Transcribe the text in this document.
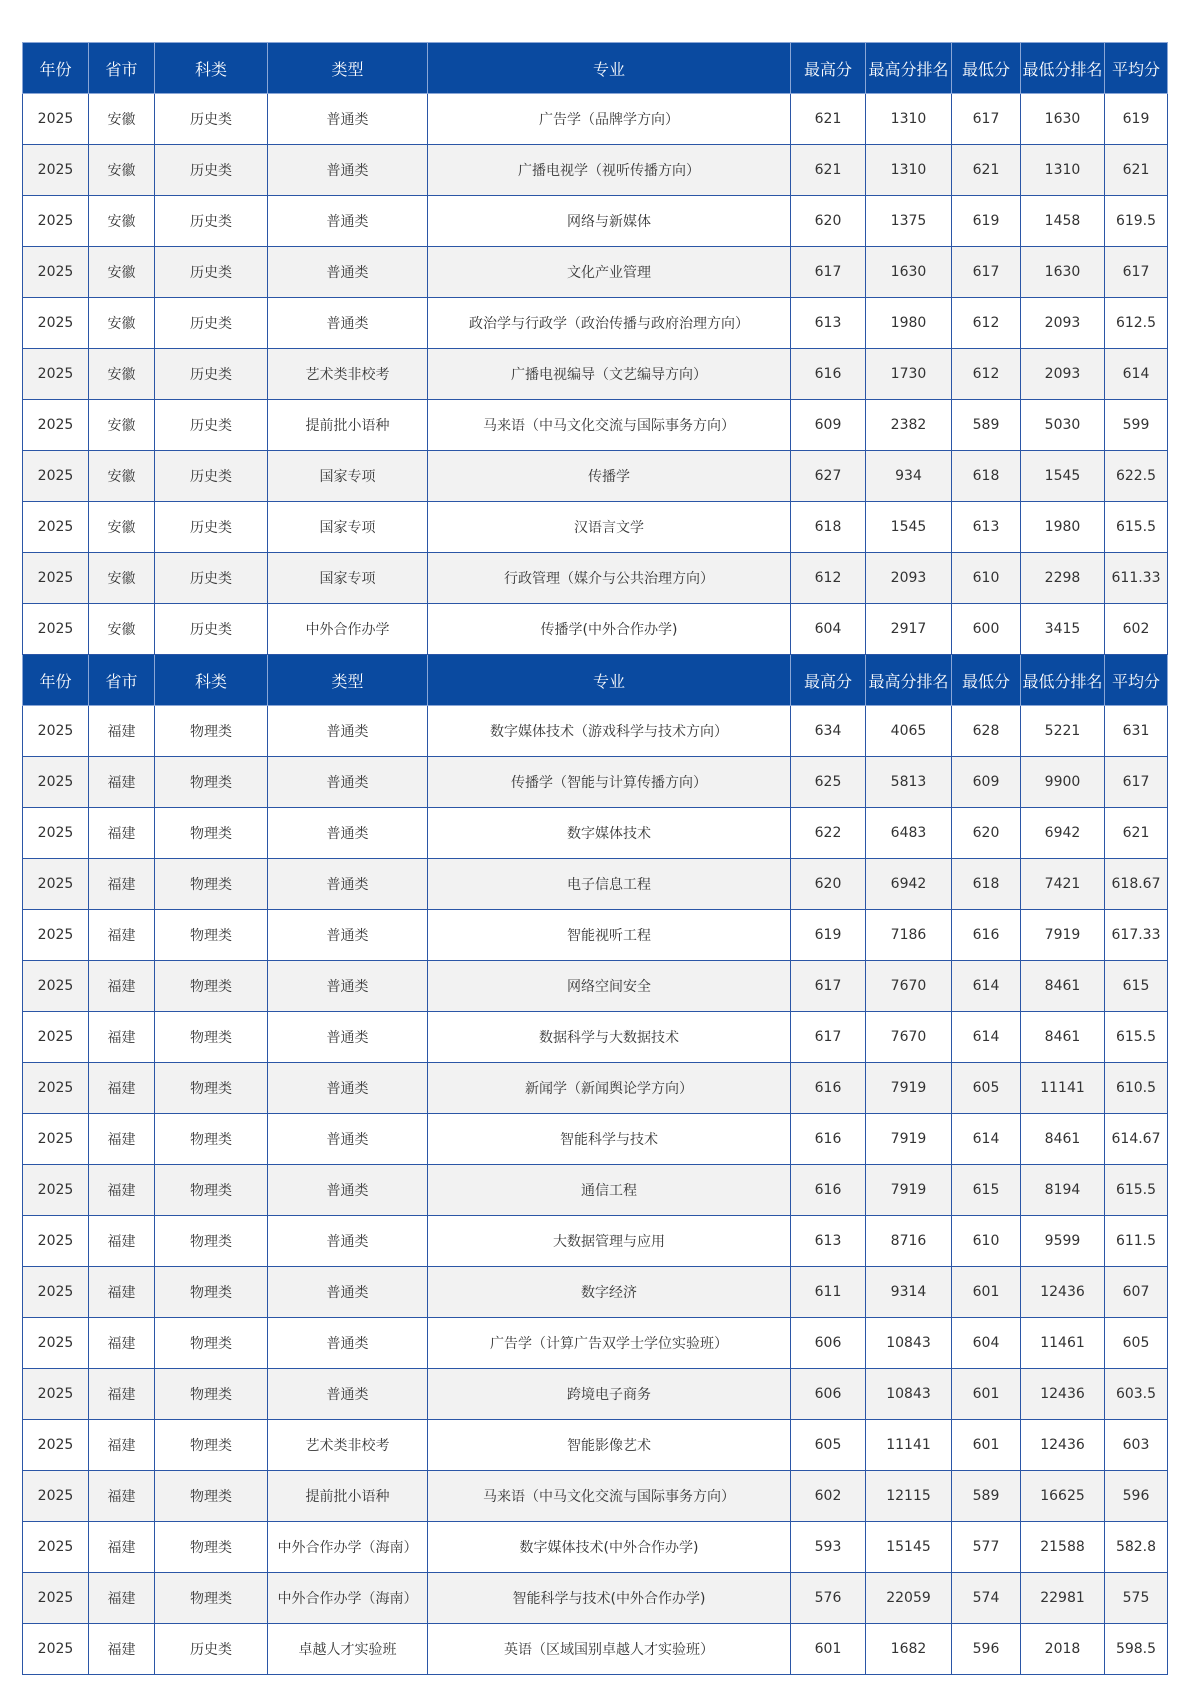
年份	省市	科类	类型	专业	最高分	最高分排名	最低分	最低分排名	平均分
2025	安徽	历史类	普通类	广告学（品牌学方向）	621	1310	617	1630	619
2025	安徽	历史类	普通类	广播电视学（视听传播方向）	621	1310	621	1310	621
2025	安徽	历史类	普通类	网络与新媒体	620	1375	619	1458	619.5
2025	安徽	历史类	普通类	文化产业管理	617	1630	617	1630	617
2025	安徽	历史类	普通类	政治学与行政学（政治传播与政府治理方向）	613	1980	612	2093	612.5
2025	安徽	历史类	艺术类非校考	广播电视编导（文艺编导方向）	616	1730	612	2093	614
2025	安徽	历史类	提前批小语种	马来语（中马文化交流与国际事务方向）	609	2382	589	5030	599
2025	安徽	历史类	国家专项	传播学	627	934	618	1545	622.5
2025	安徽	历史类	国家专项	汉语言文学	618	1545	613	1980	615.5
2025	安徽	历史类	国家专项	行政管理（媒介与公共治理方向）	612	2093	610	2298	611.33
2025	安徽	历史类	中外合作办学	传播学(中外合作办学)	604	2917	600	3415	602
年份	省市	科类	类型	专业	最高分	最高分排名	最低分	最低分排名	平均分
2025	福建	物理类	普通类	数字媒体技术（游戏科学与技术方向）	634	4065	628	5221	631
2025	福建	物理类	普通类	传播学（智能与计算传播方向）	625	5813	609	9900	617
2025	福建	物理类	普通类	数字媒体技术	622	6483	620	6942	621
2025	福建	物理类	普通类	电子信息工程	620	6942	618	7421	618.67
2025	福建	物理类	普通类	智能视听工程	619	7186	616	7919	617.33
2025	福建	物理类	普通类	网络空间安全	617	7670	614	8461	615
2025	福建	物理类	普通类	数据科学与大数据技术	617	7670	614	8461	615.5
2025	福建	物理类	普通类	新闻学（新闻舆论学方向）	616	7919	605	11141	610.5
2025	福建	物理类	普通类	智能科学与技术	616	7919	614	8461	614.67
2025	福建	物理类	普通类	通信工程	616	7919	615	8194	615.5
2025	福建	物理类	普通类	大数据管理与应用	613	8716	610	9599	611.5
2025	福建	物理类	普通类	数字经济	611	9314	601	12436	607
2025	福建	物理类	普通类	广告学（计算广告双学士学位实验班）	606	10843	604	11461	605
2025	福建	物理类	普通类	跨境电子商务	606	10843	601	12436	603.5
2025	福建	物理类	艺术类非校考	智能影像艺术	605	11141	601	12436	603
2025	福建	物理类	提前批小语种	马来语（中马文化交流与国际事务方向）	602	12115	589	16625	596
2025	福建	物理类	中外合作办学（海南）	数字媒体技术(中外合作办学)	593	15145	577	21588	582.8
2025	福建	物理类	中外合作办学（海南）	智能科学与技术(中外合作办学)	576	22059	574	22981	575
2025	福建	历史类	卓越人才实验班	英语（区域国别卓越人才实验班）	601	1682	596	2018	598.5
